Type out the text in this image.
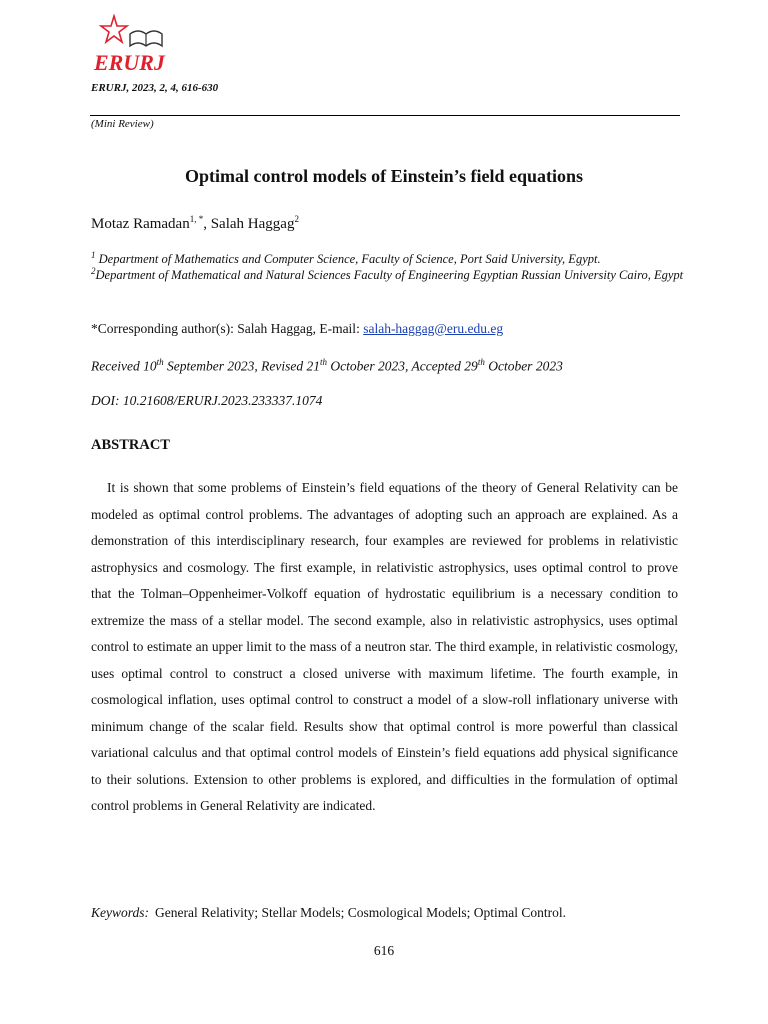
ERURJ
ERURJ, 2023, 2, 4, 616-630
(Mini Review)
Optimal control models of Einstein’s field equations
Motaz Ramadan$^{1, *}$, Salah Haggag$^2$
$^1$ Department of Mathematics and Computer Science, Faculty of Science, Port Said University, Egypt.
$^2$Department of Mathematical and Natural Sciences Faculty of Engineering Egyptian Russian University Cairo, Egypt
*Corresponding author(s): Salah Haggag, E-mail: salah-haggag@eru.edu.eg
Received 10th September 2023, Revised 21th October 2023, Accepted 29th October 2023
DOI: 10.21608/ERURJ.2023.233337.1074
ABSTRACT

It is shown that some problems of Einstein’s field equations of the theory of General Relativity can be modeled as optimal control problems. The advantages of adopting such an approach are explained. As a demonstration of this interdisciplinary research, four examples are reviewed for problems in relativistic astrophysics and cosmology. The first example, in relativistic astrophysics, uses optimal control to prove that the Tolman–Oppenheimer-Volkoff equation of hydrostatic equilibrium is a necessary condition to extremize the mass of a stellar model. The second example, also in relativistic astrophysics, uses optimal control to estimate an upper limit to the mass of a neutron star. The third example, in relativistic cosmology, uses optimal control to construct a closed universe with maximum lifetime. The fourth example, in cosmological inflation, uses optimal control to construct a model of a slow-roll inflationary universe with minimum change of the scalar field. Results show that optimal control is more powerful than classical variational calculus and that optimal control models of Einstein’s field equations add physical significance to their solutions. Extension to other problems is explored, and difficulties in the formulation of optimal control problems in General Relativity are indicated.

Keywords: General Relativity; Stellar Models; Cosmological Models; Optimal Control.
616
